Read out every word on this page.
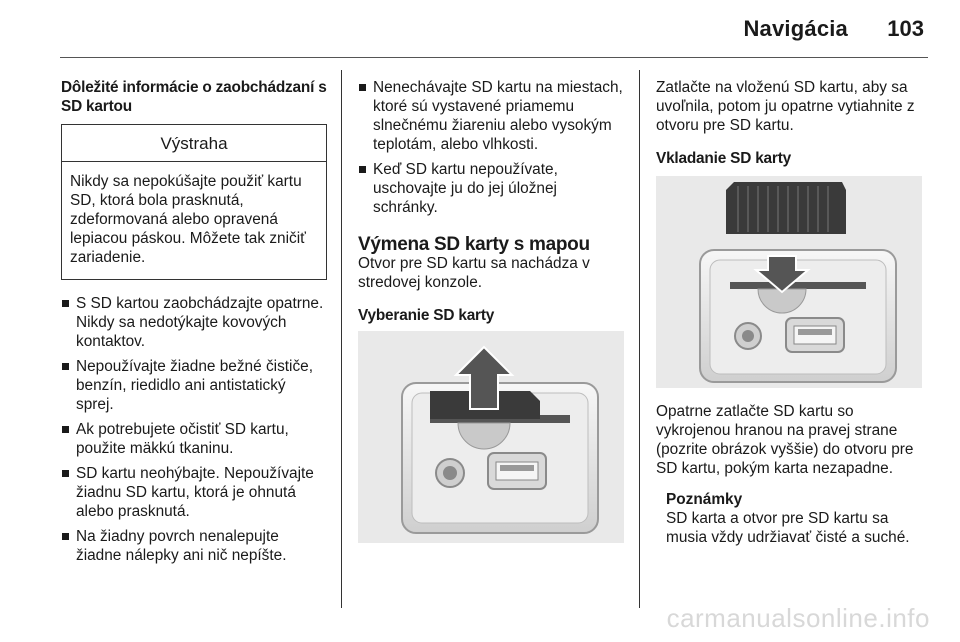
Navigácia	103
Dôležité informácie o zaobchádzaní s SD kartou
Výstraha
Nikdy sa nepokúšajte použiť kartu SD, ktorá bola prasknutá, zdeformovaná alebo opravená lepiacou páskou. Môžete tak zničiť zariadenie.
S SD kartou zaobchádzajte opatrne. Nikdy sa nedotýkajte kovových kontaktov.
Nepoužívajte žiadne bežné čističe, benzín, riedidlo ani antistatický sprej.
Ak potrebujete očistiť SD kartu, použite mäkkú tkaninu.
SD kartu neohýbajte. Nepoužívajte žiadnu SD kartu, ktorá je ohnutá alebo prasknutá.
Na žiadny povrch nenalepujte žiadne nálepky ani nič nepíšte.
Nenechávajte SD kartu na miestach, ktoré sú vystavené priamemu slnečnému žiareniu alebo vysokým teplotám, alebo vlhkosti.
Keď SD kartu nepoužívate, uschovajte ju do jej úložnej schránky.
Výmena SD karty s mapou

Otvor pre SD kartu sa nachádza v stredovej konzole.

Vyberanie SD karty

Zatlačte na vloženú SD kartu, aby sa uvoľnila, potom ju opatrne vytiahnite z otvoru pre SD kartu.

Vkladanie SD karty

Opatrne zatlačte SD kartu so vykrojenou hranou na pravej strane (pozrite obrázok vyššie) do otvoru pre SD kartu, pokým karta nezapadne.

Poznámky
SD karta a otvor pre SD kartu sa musia vždy udržiavať čisté a suché.
carmanualsonline.info
